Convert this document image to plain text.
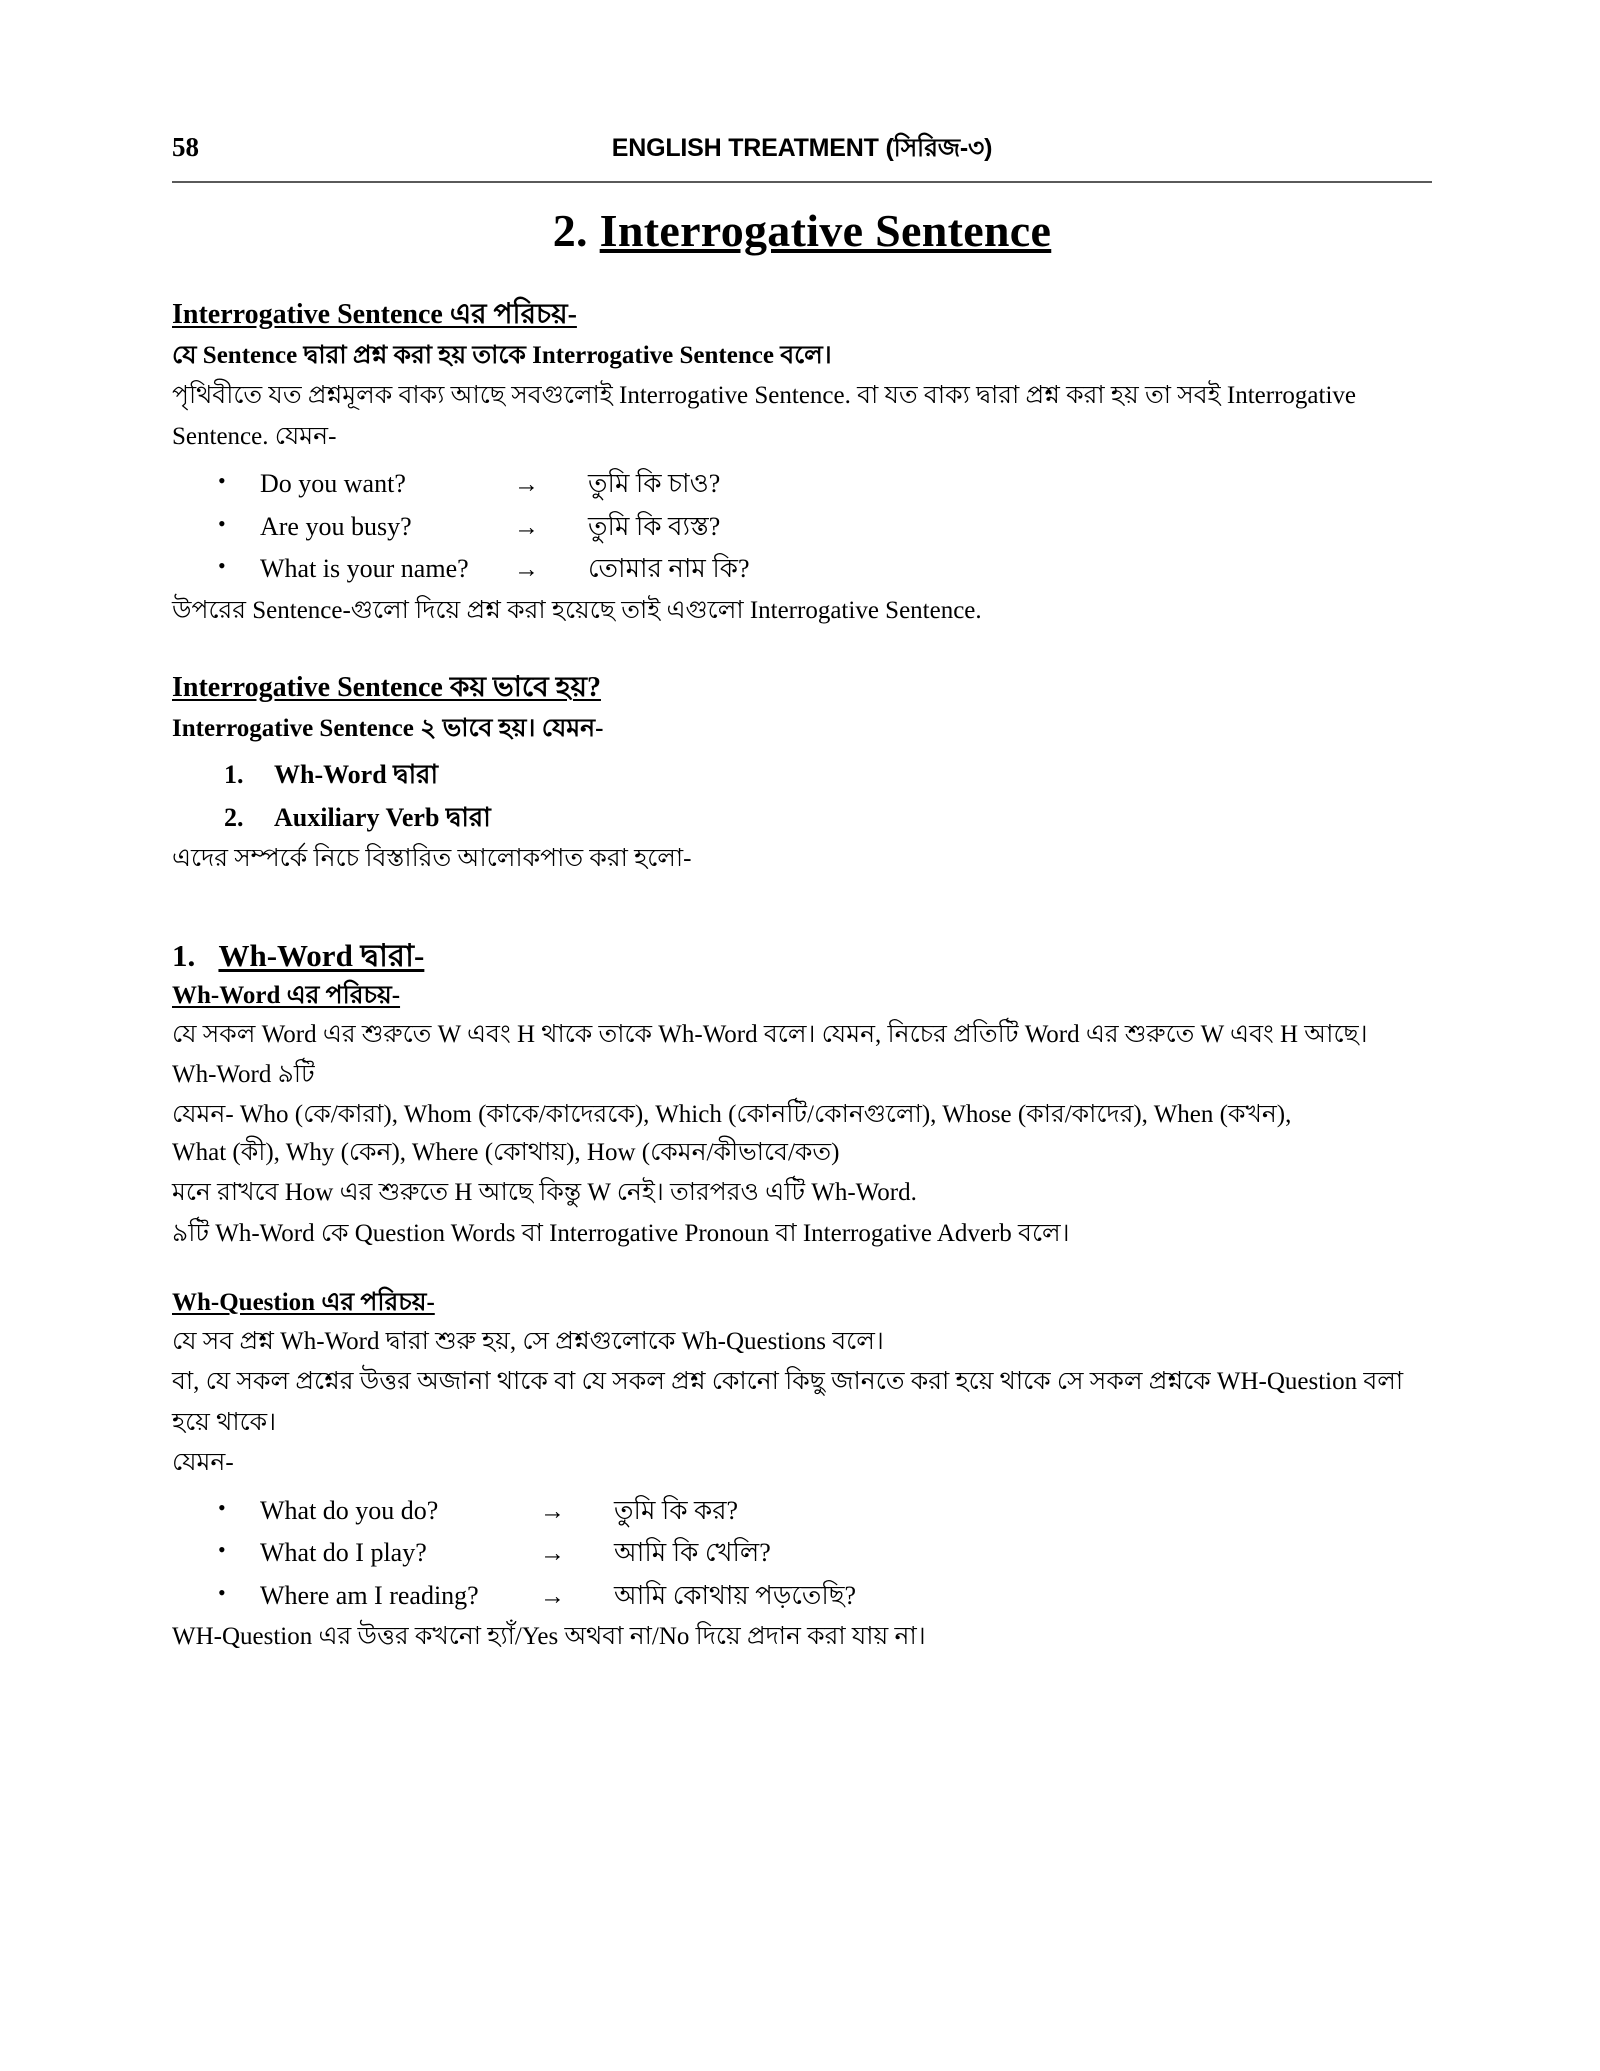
58	ENGLISH TREATMENT (সিরিজ-৩)
2. Interrogative Sentence
Interrogative Sentence এর পরিচয়-

যে Sentence দ্বারা প্রশ্ন করা হয় তাকে Interrogative Sentence বলে।

পৃথিবীতে যত প্রশ্নমূলক বাক্য আছে সবগুলোই Interrogative Sentence. বা যত বাক্য দ্বারা প্রশ্ন করা হয় তা সবই Interrogative Sentence. যেমন-

•	Do you want?	→	তুমি কি চাও?
•	Are you busy?	→	তুমি কি ব্যস্ত?
•	What is your name?	→	তোমার নাম কি?

উপরের Sentence-গুলো দিয়ে প্রশ্ন করা হয়েছে তাই এগুলো Interrogative Sentence.

Interrogative Sentence কয় ভাবে হয়?

Interrogative Sentence ২ ভাবে হয়। যেমন-

1.	Wh-Word দ্বারা
2.	Auxiliary Verb দ্বারা

এদের সম্পর্কে নিচে বিস্তারিত আলোকপাত করা হলো-

1. Wh-Word দ্বারা-
Wh-Word এর পরিচয়-

যে সকল Word এর শুরুতে W এবং H থাকে তাকে Wh-Word বলে। যেমন, নিচের প্রতিটি Word এর শুরুতে W এবং H আছে।

Wh-Word ৯টি

যেমন- Who (কে/কারা), Whom (কাকে/কাদেরকে), Which (কোনটি/কোনগুলো), Whose (কার/কাদের), When (কখন),

What (কী), Why (কেন), Where (কোথায়), How (কেমন/কীভাবে/কত)

মনে রাখবে How এর শুরুতে H আছে কিন্তু W নেই। তারপরও এটি Wh-Word.

৯টি Wh-Word কে Question Words বা Interrogative Pronoun বা Interrogative Adverb বলে।

Wh-Question এর পরিচয়-

যে সব প্রশ্ন Wh-Word দ্বারা শুরু হয়, সে প্রশ্নগুলোকে Wh-Questions বলে।

বা, যে সকল প্রশ্নের উত্তর অজানা থাকে বা যে সকল প্রশ্ন কোনো কিছু জানতে করা হয়ে থাকে সে সকল প্রশ্নকে WH-Question বলা হয়ে থাকে।

যেমন-

•	What do you do?	→	তুমি কি কর?
•	What do I play?	→	আমি কি খেলি?
•	Where am I reading?	→	আমি কোথায় পড়তেছি?

WH-Question এর উত্তর কখনো হ্যাঁ/Yes অথবা না/No দিয়ে প্রদান করা যায় না।
